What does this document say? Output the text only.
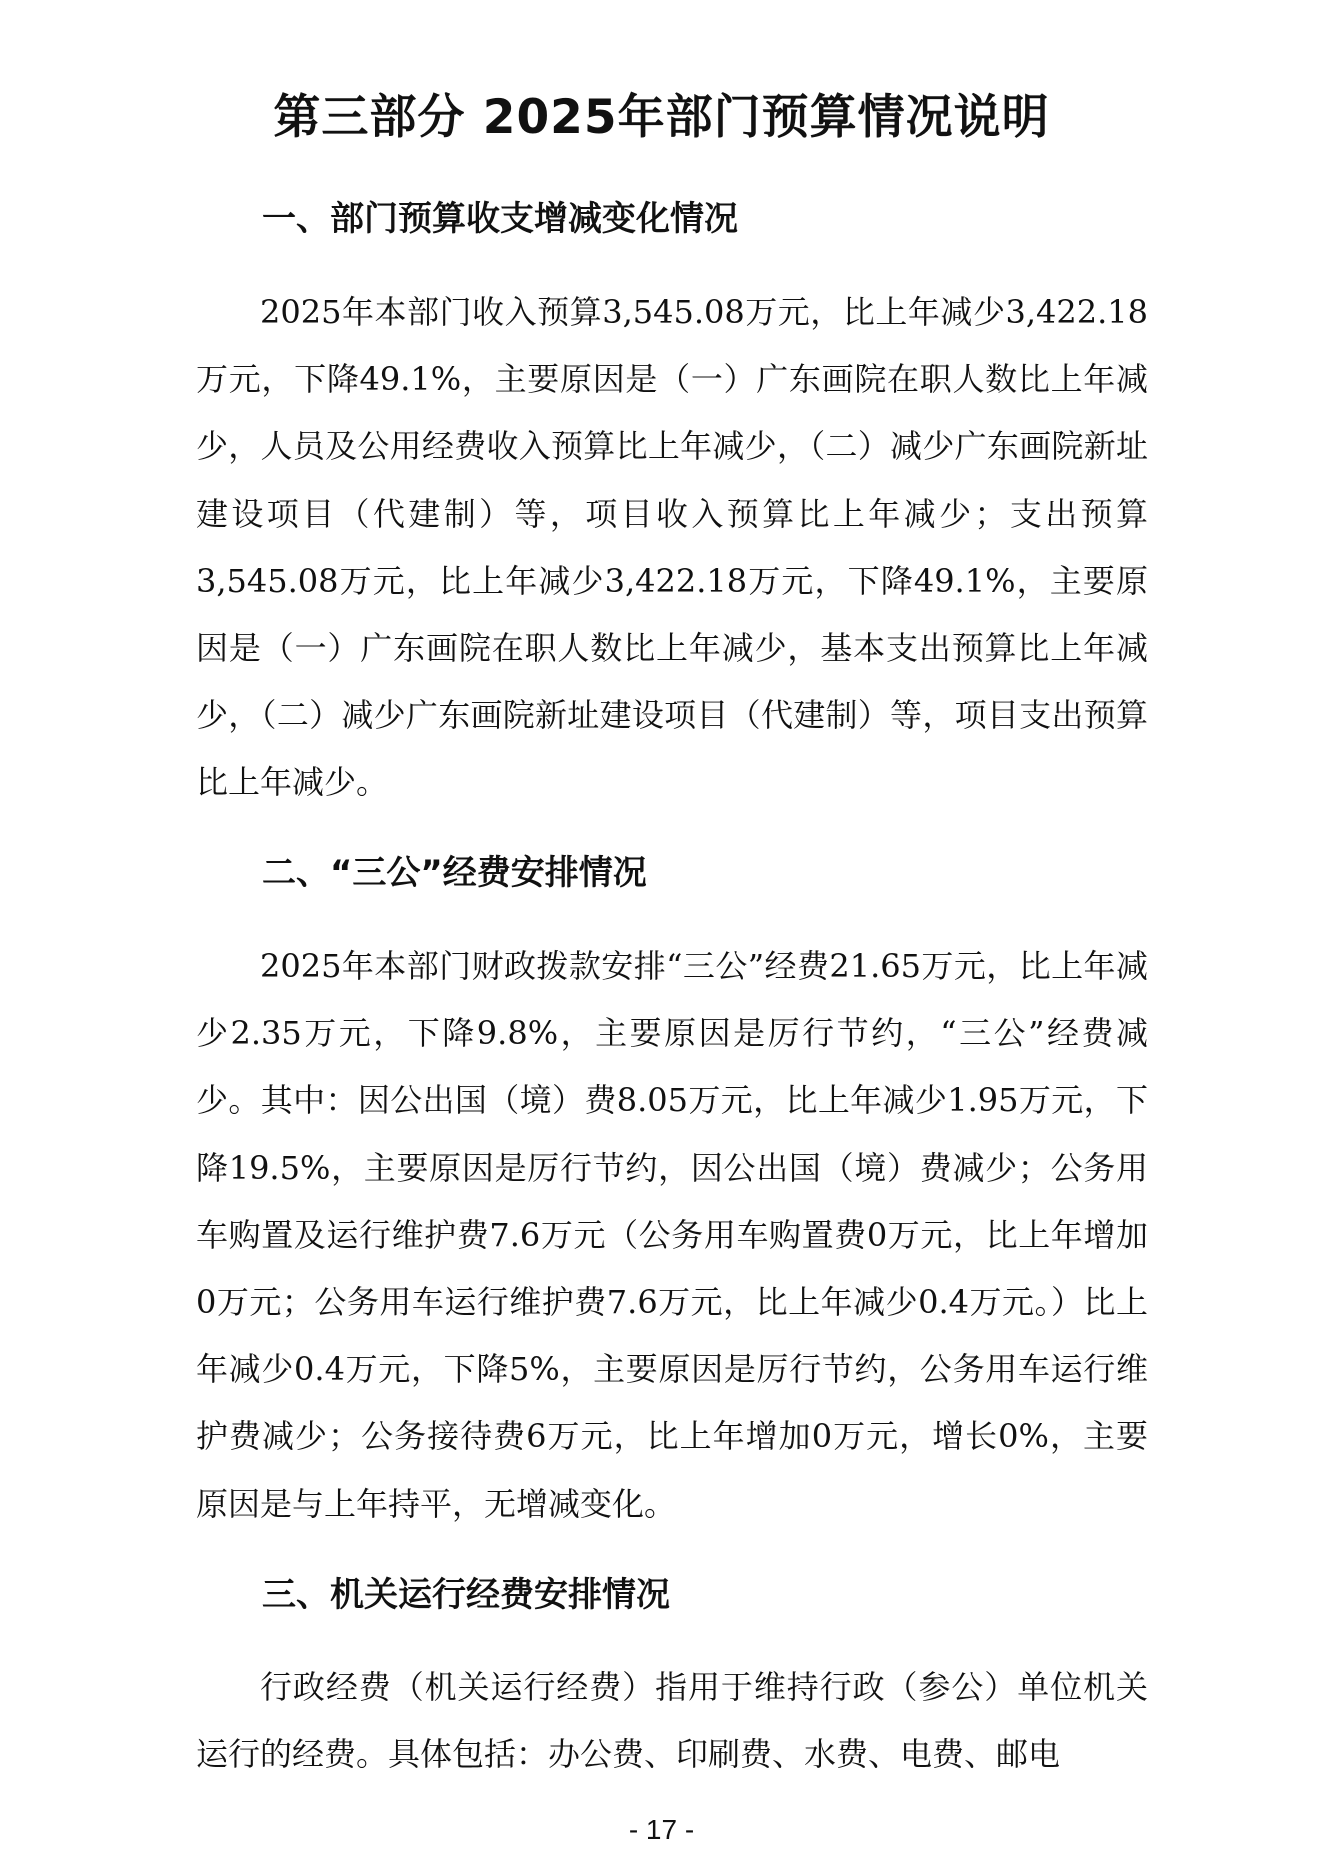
第三部分 2025年部门预算情况说明
一、部门预算收支增减变化情况

2025年本部门收入预算3,545.08万元，比上年减少3,422.18万元，下降49.1%，主要原因是（一）广东画院在职人数比上年减少，人员及公用经费收入预算比上年减少，（二）减少广东画院新址建设项目（代建制）等，项目收入预算比上年减少；支出预算3,545.08万元，比上年减少3,422.18万元，下降49.1%，主要原因是（一）广东画院在职人数比上年减少，基本支出预算比上年减少，（二）减少广东画院新址建设项目（代建制）等，项目支出预算比上年减少。

二、“三公”经费安排情况

2025年本部门财政拨款安排“三公”经费21.65万元，比上年减少2.35万元，下降9.8%，主要原因是厉行节约，“三公”经费减少。其中：因公出国（境）费8.05万元，比上年减少1.95万元，下降19.5%，主要原因是厉行节约，因公出国（境）费减少；公务用车购置及运行维护费7.6万元（公务用车购置费0万元，比上年增加0万元；公务用车运行维护费7.6万元，比上年减少0.4万元。）比上年减少0.4万元，下降5%，主要原因是厉行节约，公务用车运行维护费减少；公务接待费6万元，比上年增加0万元，增长0%，主要原因是与上年持平，无增减变化。

三、机关运行经费安排情况

行政经费（机关运行经费）指用于维持行政（参公）单位机关运行的经费。具体包括：办公费、印刷费、水费、电费、邮电

- 17 -
